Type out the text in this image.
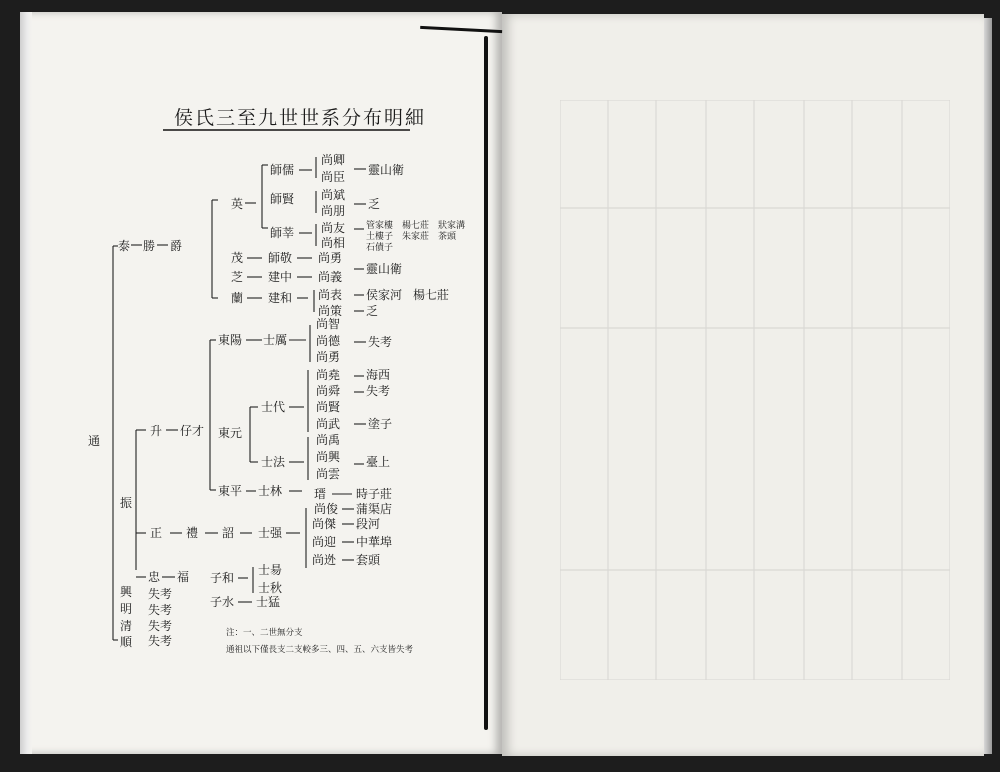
侯氏三至九世世系分布明細
通
泰 勝 爵
英
師儒
尚卿
尚臣 靈山衛
師賢 尚斌
尚朋 乏
師莘 尚友
尚相
管家樓　楊七莊　狀家溝
土樓子　朱家莊　茶頭
石債子
茂 師敬 尚勇
芝 建中 尚義
靈山衛
蘭 建和 尚表 侯家河 楊七莊
尚策 乏
升 仔才
東陽 士厲
尚智
尚德
尚勇
失考
東元
士代
尚堯 海西
尚舜 失考
尚賢
尚武 塗子
士法
尚禹
尚興
尚雲
臺上
東平 士林	瑨 時子莊
尚俊 蒲渠店
振
正 禮 詔 士强
尚傑 段河
尚迎 中華埠
尚迯 套頭
忠 福
失考
失考
失考
失考
子和
士昜
士秋
子水 士猛
興
明
清
順
注：一、二世無分支
通祖以下僅長支二支較多三、四、五、六支皆失考
